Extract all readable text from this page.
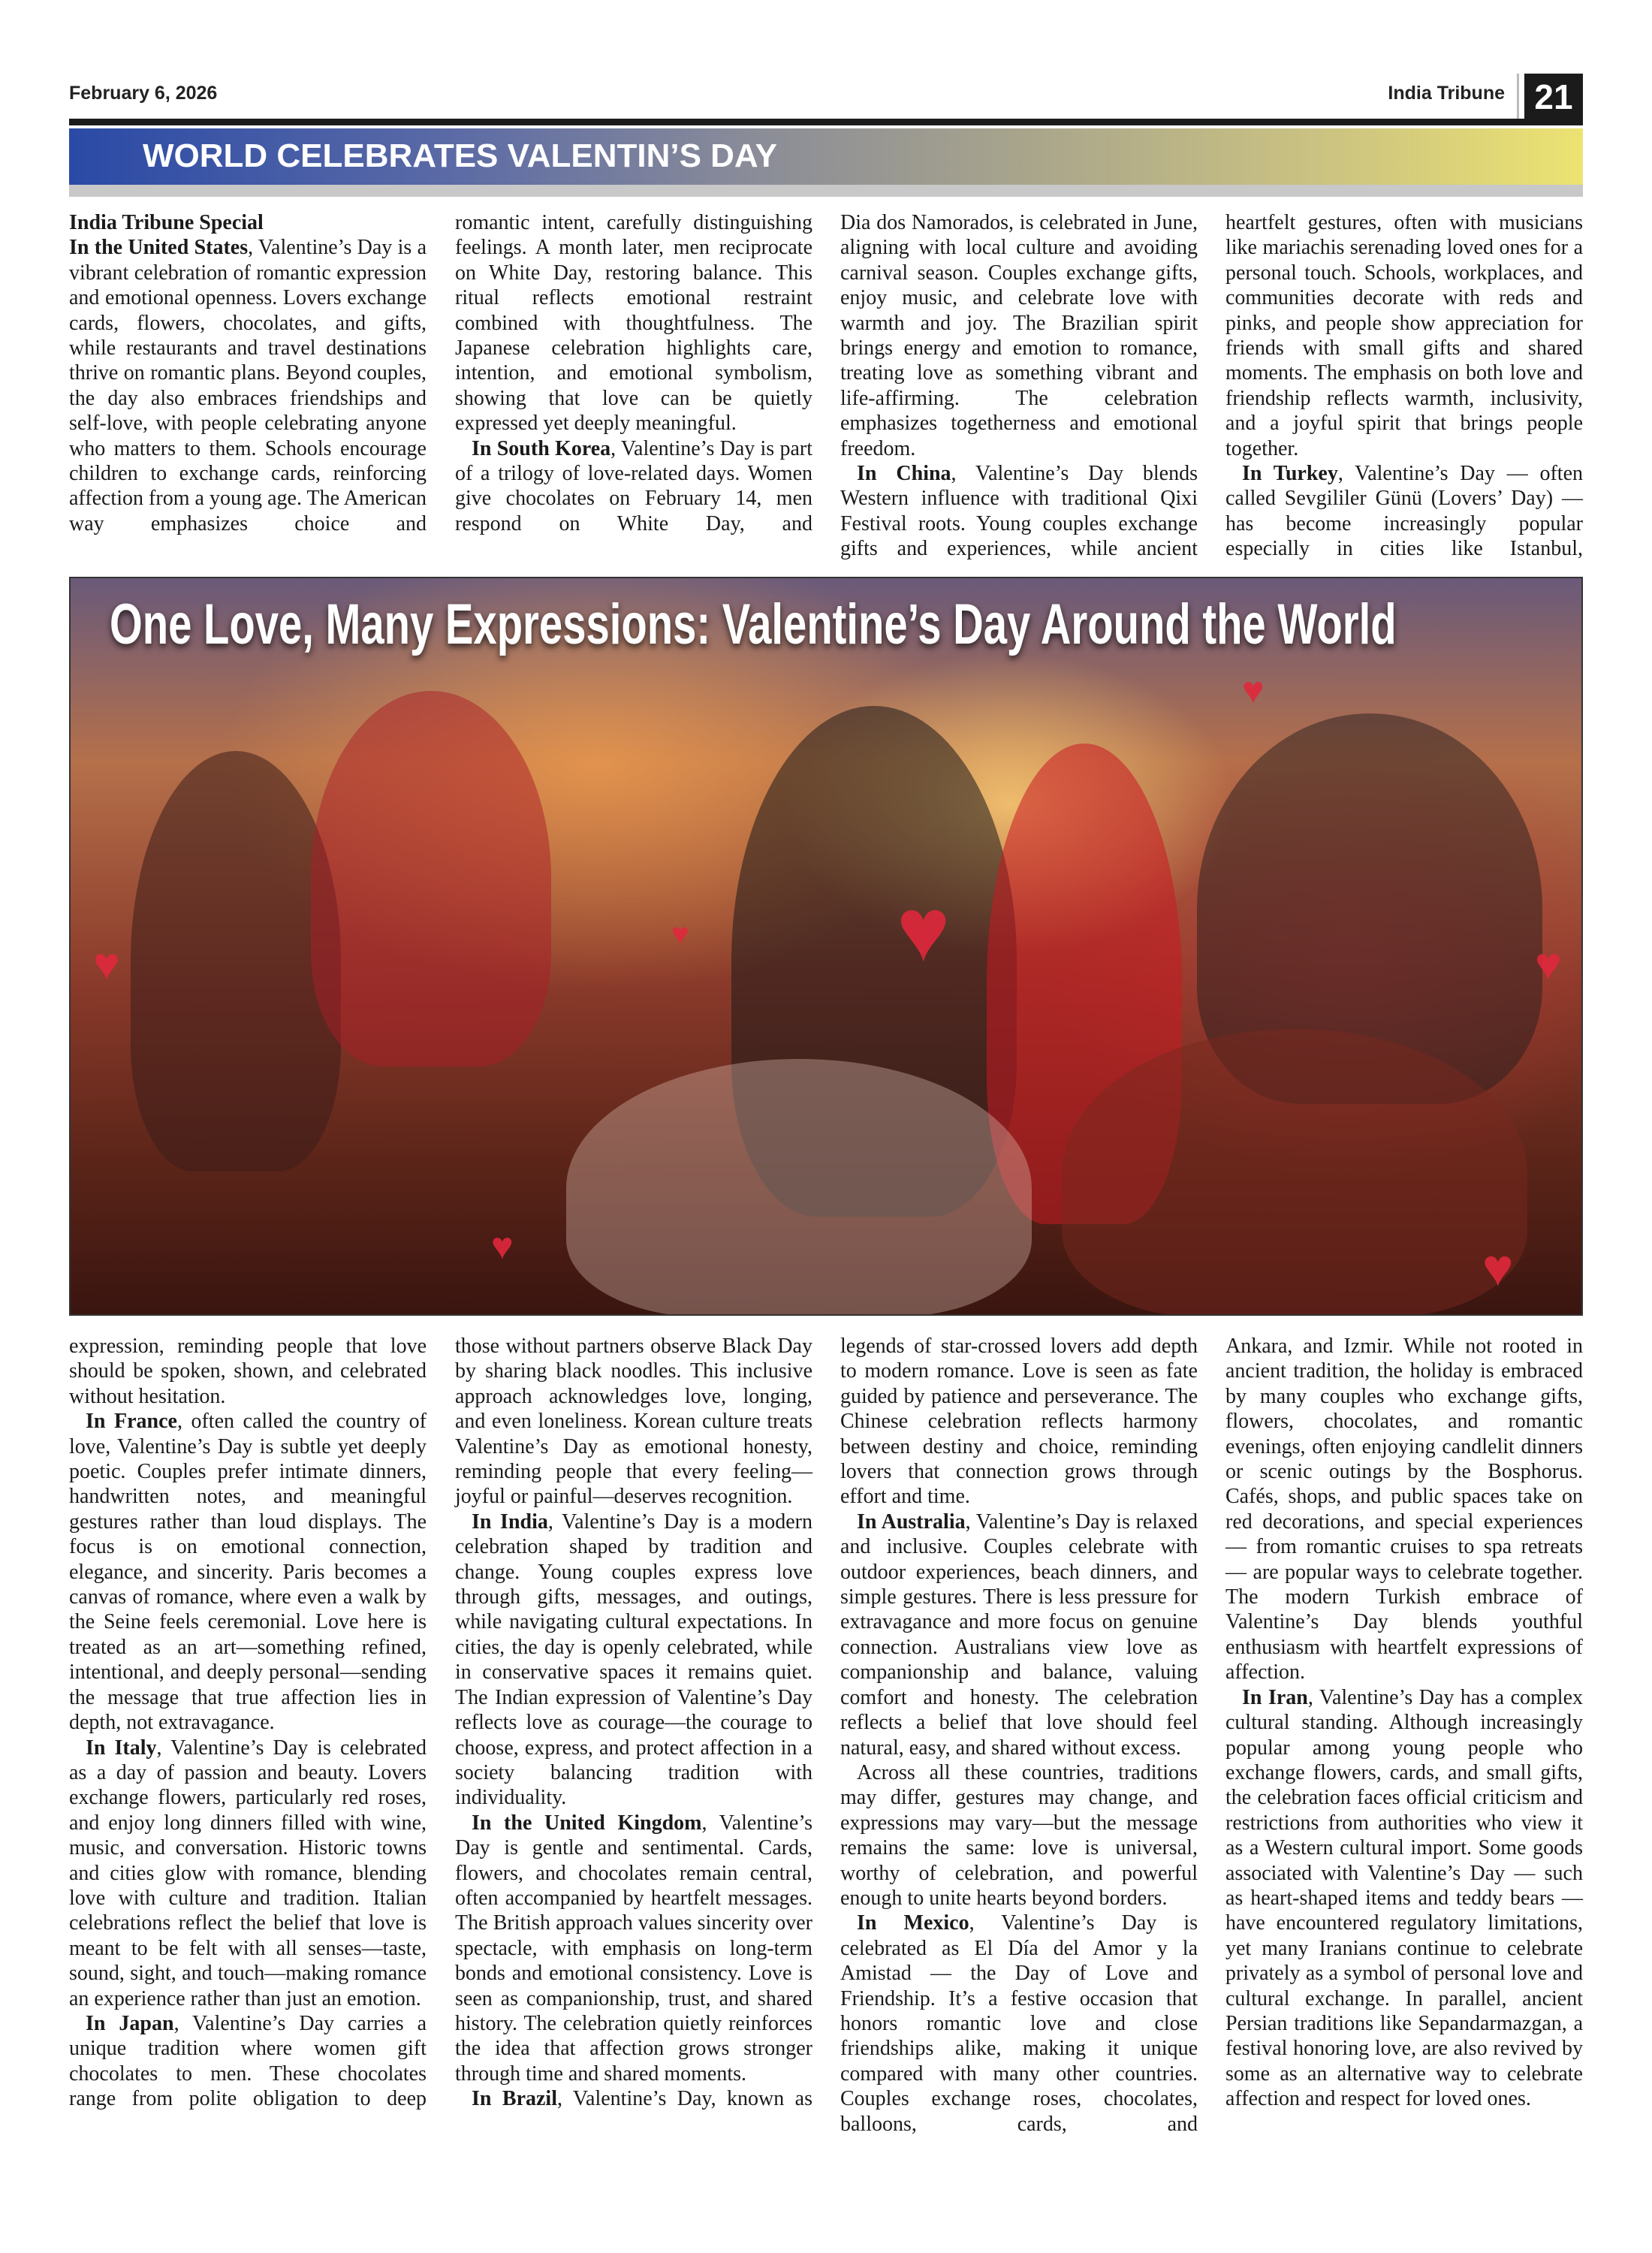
February 6, 2026	India Tribune 21
WORLD CELEBRATES VALENTIN’S DAY

India Tribune Special

In the United States, Valentine’s Day is a vibrant celebration of romantic expression and emotional openness. Lovers exchange cards, flowers, chocolates, and gifts, while restaurants and travel destinations thrive on romantic plans. Beyond couples, the day also embraces friendships and self-love, with people celebrating anyone who matters to them. Schools encourage children to exchange cards, reinforcing affection from a young age. The American way emphasizes choice and

romantic intent, carefully distinguishing feelings. A month later, men reciprocate on White Day, restoring balance. This ritual reflects emotional restraint combined with thoughtfulness. The Japanese celebration highlights care, intention, and emotional symbolism, showing that love can be quietly expressed yet deeply meaningful.

In South Korea, Valentine’s Day is part of a trilogy of love-related days. Women give chocolates on February 14, men respond on White Day, and

Dia dos Namorados, is celebrated in June, aligning with local culture and avoiding carnival season. Couples exchange gifts, enjoy music, and celebrate love with warmth and joy. The Brazilian spirit brings energy and emotion to romance, treating love as something vibrant and life-affirming. The celebration emphasizes togetherness and emotional freedom.

In China, Valentine’s Day blends Western influence with traditional Qixi Festival roots. Young couples exchange gifts and experiences, while ancient

heartfelt gestures, often with musicians like mariachis serenading loved ones for a personal touch. Schools, workplaces, and communities decorate with reds and pinks, and people show appreciation for friends with small gifts and shared moments. The emphasis on both love and friendship reflects warmth, inclusivity, and a joyful spirit that brings people together.

In Turkey, Valentine’s Day — often called Sevgililer Günü (Lovers’ Day) — has become increasingly popular especially in cities like Istanbul,

♥
♥
♥
♥
♥	♥
♥
One Love, Many Expressions: Valentine’s Day Around the World

expression, reminding people that love should be spoken, shown, and celebrated without hesitation.

In France, often called the country of love, Valentine’s Day is subtle yet deeply poetic. Couples prefer intimate dinners, handwritten notes, and meaningful gestures rather than loud displays. The focus is on emotional connection, elegance, and sincerity. Paris becomes a canvas of romance, where even a walk by the Seine feels ceremonial. Love here is treated as an art—something refined, intentional, and deeply personal—sending the message that true affection lies in depth, not extravagance.

In Italy, Valentine’s Day is celebrated as a day of passion and beauty. Lovers exchange flowers, particularly red roses, and enjoy long dinners filled with wine, music, and conversation. Historic towns and cities glow with romance, blending love with culture and tradition. Italian celebrations reflect the belief that love is meant to be felt with all senses—taste, sound, sight, and touch—making romance an experience rather than just an emotion.

In Japan, Valentine’s Day carries a unique tradition where women gift chocolates to men. These chocolates range from polite obligation to deep

those without partners observe Black Day by sharing black noodles. This inclusive approach acknowledges love, longing, and even loneliness. Korean culture treats Valentine’s Day as emotional honesty, reminding people that every feeling—joyful or painful—deserves recognition.

In India, Valentine’s Day is a modern celebration shaped by tradition and change. Young couples express love through gifts, messages, and outings, while navigating cultural expectations. In cities, the day is openly celebrated, while in conservative spaces it remains quiet. The Indian expression of Valentine’s Day reflects love as courage—the courage to choose, express, and protect affection in a society balancing tradition with individuality.

In the United Kingdom, Valentine’s Day is gentle and sentimental. Cards, flowers, and chocolates remain central, often accompanied by heartfelt messages. The British approach values sincerity over spectacle, with emphasis on long-term bonds and emotional consistency. Love is seen as companionship, trust, and shared history. The celebration quietly reinforces the idea that affection grows stronger through time and shared moments.

In Brazil, Valentine’s Day, known as

legends of star-crossed lovers add depth to modern romance. Love is seen as fate guided by patience and perseverance. The Chinese celebration reflects harmony between destiny and choice, reminding lovers that connection grows through effort and time.

In Australia, Valentine’s Day is relaxed and inclusive. Couples celebrate with outdoor experiences, beach dinners, and simple gestures. There is less pressure for extravagance and more focus on genuine connection. Australians view love as companionship and balance, valuing comfort and honesty. The celebration reflects a belief that love should feel natural, easy, and shared without excess.

Across all these countries, traditions may differ, gestures may change, and expressions may vary—but the message remains the same: love is universal, worthy of celebration, and powerful enough to unite hearts beyond borders.

In Mexico, Valentine’s Day is celebrated as El Día del Amor y la Amistad — the Day of Love and Friendship. It’s a festive occasion that honors romantic love and close friendships alike, making it unique compared with many other countries. Couples exchange roses, chocolates, balloons, cards, and

Ankara, and Izmir. While not rooted in ancient tradition, the holiday is embraced by many couples who exchange gifts, flowers, chocolates, and romantic evenings, often enjoying candlelit dinners or scenic outings by the Bosphorus. Cafés, shops, and public spaces take on red decorations, and special experiences — from romantic cruises to spa retreats — are popular ways to celebrate together. The modern Turkish embrace of Valentine’s Day blends youthful enthusiasm with heartfelt expressions of affection.

In Iran, Valentine’s Day has a complex cultural standing. Although increasingly popular among young people who exchange flowers, cards, and small gifts, the celebration faces official criticism and restrictions from authorities who view it as a Western cultural import. Some goods associated with Valentine’s Day — such as heart-shaped items and teddy bears — have encountered regulatory limitations, yet many Iranians continue to celebrate privately as a symbol of personal love and cultural exchange. In parallel, ancient Persian traditions like Sepandarmazgan, a festival honoring love, are also revived by some as an alternative way to celebrate affection and respect for loved ones.
